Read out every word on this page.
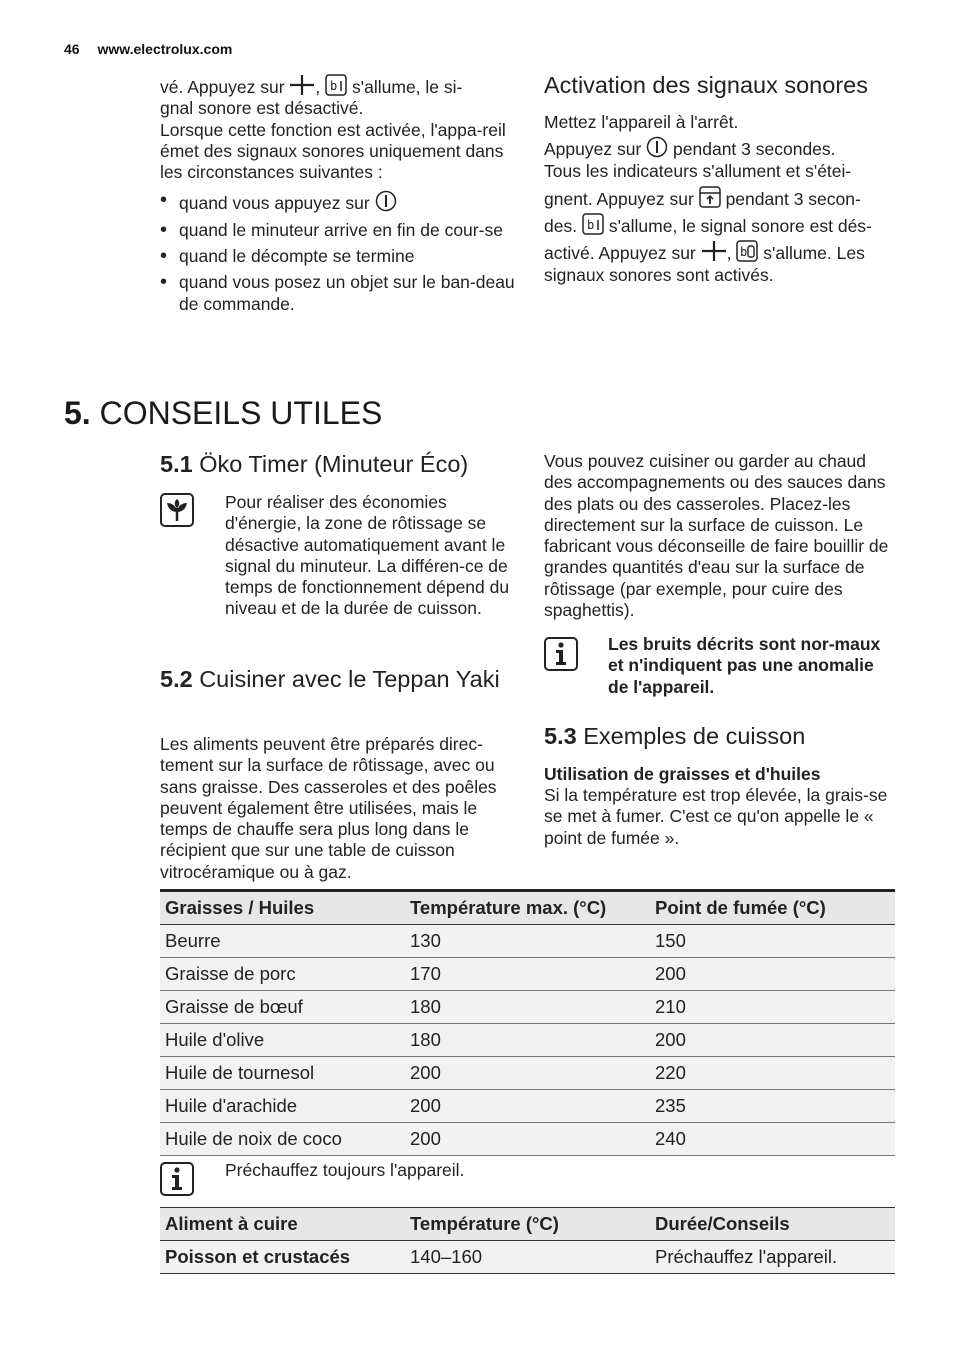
46 www.electrolux.com

vé. Appuyez sur , b s'allume, le si-
gnal sonore est désactivé.

Lorsque cette fonction est activée, l'appa-reil émet des signaux sonores uniquement dans les circonstances suivantes :

• quand vous appuyez sur
• quand le minuteur arrive en fin de cour-se
• quand le décompte se termine
• quand vous posez un objet sur le ban-deau de commande.
Activation des signaux sonores

Mettez l'appareil à l'arrêt.

Appuyez sur pendant 3 secondes.

Tous les indicateurs s'allument et s'étei-

gnent. Appuyez sur pendant 3 secon-

des. b s'allume, le signal sonore est dés-

activé. Appuyez sur , b s'allume. Les

signaux sonores sont activés.

5. CONSEILS UTILES
5.1 Öko Timer (Minuteur Éco)

Pour réaliser des économies d'énergie, la zone de rôtissage se désactive automatiquement avant le signal du minuteur. La différen-ce de temps de fonctionnement dépend du niveau et de la durée de cuisson.

5.2 Cuisiner avec le Teppan Yaki

Les aliments peuvent être préparés direc-tement sur la surface de rôtissage, avec ou sans graisse. Des casseroles et des poêles peuvent également être utilisées, mais le temps de chauffe sera plus long dans le récipient que sur une table de cuisson vitrocéramique ou à gaz.

Vous pouvez cuisiner ou garder au chaud des accompagnements ou des sauces dans des plats ou des casseroles. Placez-les directement sur la surface de cuisson. Le fabricant vous déconseille de faire bouillir de grandes quantités d'eau sur la surface de rôtissage (par exemple, pour cuire des spaghettis).

Les bruits décrits sont nor-maux et n'indiquent pas une anomalie de l'appareil.

5.3 Exemples de cuisson

Utilisation de graisses et d'huiles

Si la température est trop élevée, la grais-se se met à fumer. C'est ce qu'on appelle le « point de fumée ».

Graisses / Huiles	Température max. (°C)	Point de fumée (°C)
Beurre	130	150
Graisse de porc	170	200
Graisse de bœuf	180	210
Huile d'olive	180	200
Huile de tournesol	200	220
Huile d'arachide	200	235
Huile de noix de coco	200	240

Préchauffez toujours l'appareil.

Aliment à cuire	Température (°C)	Durée/Conseils
Poisson et crustacés	140–160	Préchauffez l'appareil.
